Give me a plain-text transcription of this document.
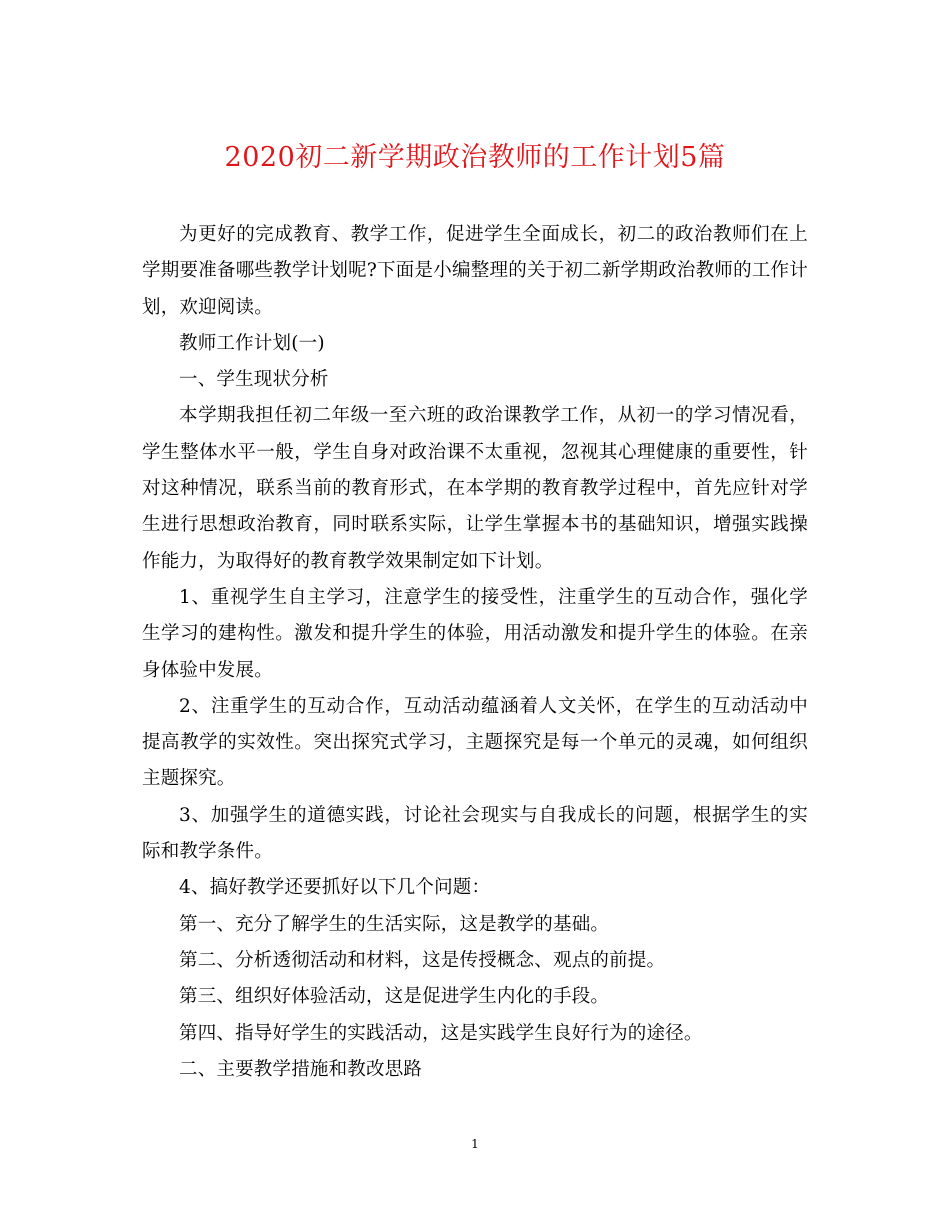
2020初二新学期政治教师的工作计划5篇

为更好的完成教育、教学工作，促进学生全面成长，初二的政治教师们在上学期要准备哪些教学计划呢?下面是小编整理的关于初二新学期政治教师的工作计划，欢迎阅读。

教师工作计划(一)

一、学生现状分析

本学期我担任初二年级一至六班的政治课教学工作，从初一的学习情况看，学生整体水平一般，学生自身对政治课不太重视，忽视其心理健康的重要性，针对这种情况，联系当前的教育形式，在本学期的教育教学过程中，首先应针对学生进行思想政治教育，同时联系实际，让学生掌握本书的基础知识，增强实践操作能力，为取得好的教育教学效果制定如下计划。

1、重视学生自主学习，注意学生的接受性，注重学生的互动合作，强化学生学习的建构性。激发和提升学生的体验，用活动激发和提升学生的体验。在亲身体验中发展。

2、注重学生的互动合作，互动活动蕴涵着人文关怀，在学生的互动活动中提高教学的实效性。突出探究式学习，主题探究是每一个单元的灵魂，如何组织主题探究。

3、加强学生的道德实践，讨论社会现实与自我成长的问题，根据学生的实际和教学条件。

4、搞好教学还要抓好以下几个问题：

第一、充分了解学生的生活实际，这是教学的基础。

第二、分析透彻活动和材料，这是传授概念、观点的前提。

第三、组织好体验活动，这是促进学生内化的手段。

第四、指导好学生的实践活动，这是实践学生良好行为的途径。

二、主要教学措施和教改思路

1
